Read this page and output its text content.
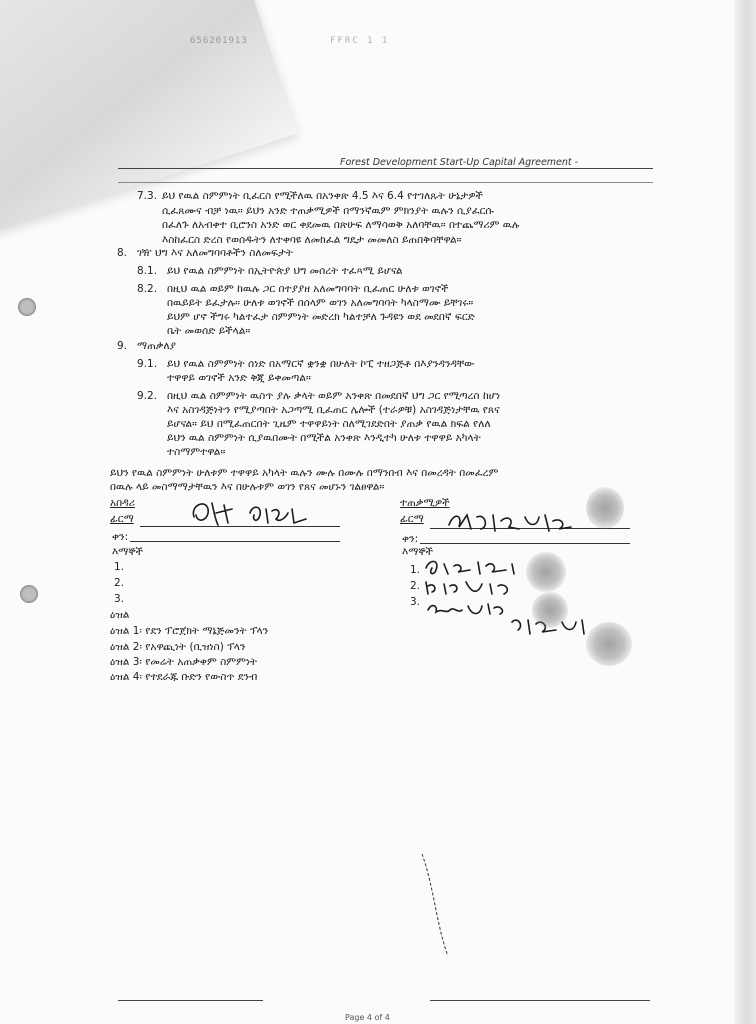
656201913	FFRC 1 1
Forest Development Start-Up Capital Agreement -
7.3. ይህ የዉል ስምምነት ቢፈርስ የሚችለዉ በአንቀጽ 4.5 እና 6.4 የተገለጹት ሁኔታዎች
ሲፈጸሙና ብቻ ነዉ። ይህን አንድ ተጠቃሚዎች በማንኛዉም ምክንያት ዉሉን ሲያፈርሱ
በፈለጉ ለአብቀተ ቢሮንስ አንድ ወር ቀደመዉ በጽሁፍ ለማሳወቅ አለባቸዉ። በተጨማሪም ዉሉ
እስከፈርስ ድረስ የወሰዱትን ለተቀባዩ ለመክፈል ግዴታ መመለስ ይጠበቅባቸዋል።
8. ገዥ ህግ እና አለመግባባቶችን ስለመፍታት
8.1. ይህ የዉል ስምምነት በኢትዮጵያ ህግ መሰረት ተፈጻሚ ይሆናል
8.2. በዚህ ዉል ወይም ከዉሉ ጋር በተያያዘ አለመግባባት ቢፈጠር ሁለቱ ወገኖች
በዉይይት ይፈታሉ። ሁለቱ ወገኖች በሰላም ወገን አለመግባባት ካላስማሙ ይቸገሩ።
ይህም ሆኖ ችግሩ ካልተፈታ ስምምነት መድረክ ካልተቻለ ጉዳዩን ወደ መደበኛ ፍርድ
ቤት መወሰድ ይችላል።
9. ማጠቃለያ
9.1. ይህ የዉል ስምምነት ሰነድ በአማርኛ ቋንቋ በሁለት ኮፒ ተዘጋጅቶ በእያንዳንዳቸው
ተዋዋይ ወገኖች አንድ ቅጂ ይቀመጣል።
9.2. በዚህ ዉል ስምምነት ዉስጥ ያሉ ቃላት ወይም አንቀጽ በመደበኛ ህግ ጋር የሚጣረስ ከሆነ
እና አስገዳጅነትን የሚያጣበት አጋጣሚ ቢፈጠር ሌሎች (ተራዎቹ) አስገዳጅነታቸዉ የጸና
ይሆናል። ይህ በሚፈጠርበት ጊዜም ተዋዋይነት ስለሚገደድበት ያጠቃ የዉል ክፍል የለለ
ይህን ዉል ስምምነት ሲያዉበሙት በሚችል አንቀጽ እንዲተካ ሁለቱ ተዋዋይ አካላት
ተስማምተዋል።
ይህን የዉል ስምምነት ሁለቱም ተዋዋይ አካላት ዉሉን ሙሉ በሙሉ በማንበብ እና በመረዳት በመፈረም
በዉሉ ላይ መስማማታቸዉን እና በሁሉቱም ወገን የጸና መሆኑን ገልፀዋል።
አበዳሪ
ፊርማ
ቀን:
እማኞች
1.
2.
3.
ተጠቃሚዎች
ፊርማ
ቀን:
እማኞች
1.
2.
3.
ዕዝል
ዕዝል 1፡ የደን ፕሮጀክት ማኔጅመንት ፕላን
ዕዝል 2፡ የአዋጪነት (ቢዝነስ) ፕላን
ዕዝል 3፡ የመሬት አጠቃቀም ስምምነት
ዕዝል 4፡ የተደራጁ ቡድን የውስጥ ደንብ
Page 4 of 4
